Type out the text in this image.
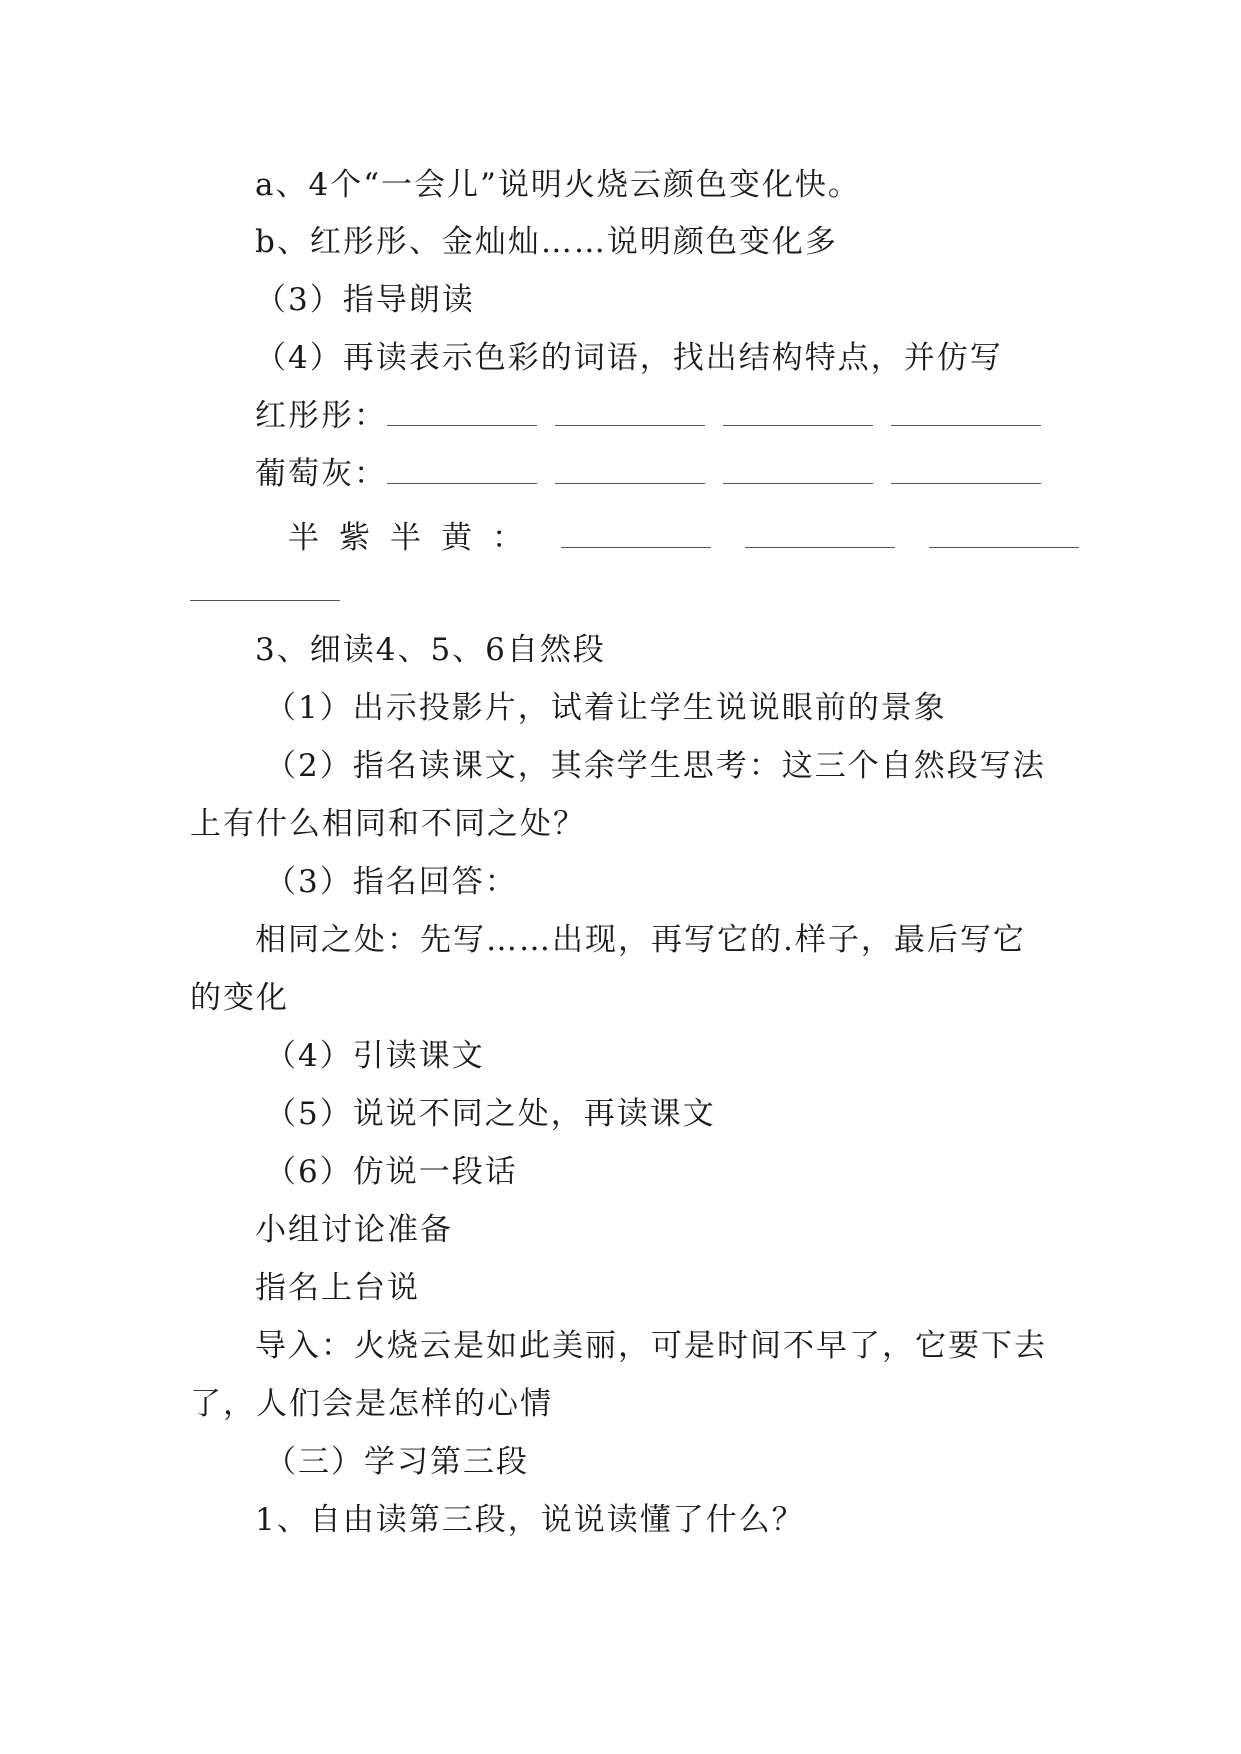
a、4个“一会儿”说明火烧云颜色变化快。
b、红彤彤、金灿灿……说明颜色变化多
（3）指导朗读
（4）再读表示色彩的词语，找出结构特点，并仿写
红彤彤：
葡萄灰：
半紫半黄：
3、细读4、5、6自然段
（1）出示投影片，试着让学生说说眼前的景象
（2）指名读课文，其余学生思考：这三个自然段写法
上有什么相同和不同之处？
（3）指名回答：
相同之处：先写……出现，再写它的.样子，最后写它
的变化
（4）引读课文
（5）说说不同之处，再读课文
（6）仿说一段话
小组讨论准备
指名上台说
导入：火烧云是如此美丽，可是时间不早了，它要下去
了，人们会是怎样的心情
（三）学习第三段
1、自由读第三段，说说读懂了什么？
